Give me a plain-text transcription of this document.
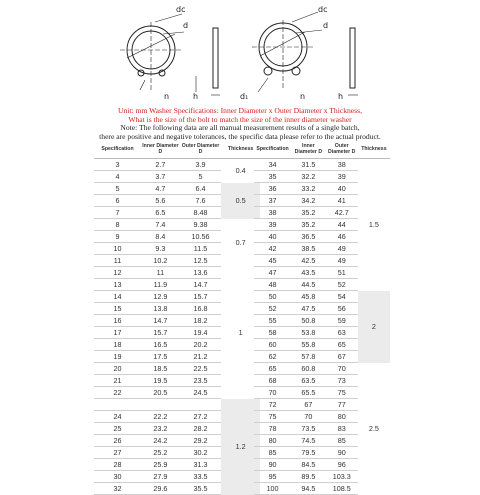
dc
d
n	h
dc
d
d₁	n	h
Unit: mm Washer Specifications: Inner Diameter x Outer Diameter x Thickness,
What is the size of the bolt to match the size of the inner diameter washer
Note: The following data are all manual measurement results of a single batch,
there are positive and negative tolerances, the specific data please refer to the actual product.
Specification	Inner Diameter D	Outer Diameter D	Thickness
3	2.7	3.9	0.4
4	3.7	5	
5	4.7	6.4	0.5
6	5.6	7.6	
7	6.5	8.48	
8	7.4	9.38	0.7
9	8.4	10.56	
10	9.3	11.5	
11	10.2	12.5	
12	11	13.6	1
13	11.9	14.7	
14	12.9	15.7	
15	13.8	16.8	
16	14.7	18.2	
17	15.7	19.4	
18	16.5	20.2	
19	17.5	21.2	
20	18.5	22.5	
21	19.5	23.5	
22	20.5	24.5	
			1.2
24	22.2	27.2	
25	23.2	28.2	
26	24.2	29.2	
27	25.2	30.2	
28	25.9	31.3	
30	27.9	33.5	
32	29.6	35.5	
Specification	Inner Diameter D	Outer Diameter D	Thickness
34	31.5	38	1.5
35	32.2	39	
36	33.2	40	
37	34.2	41	
38	35.2	42.7	
39	35.2	44	
40	36.5	46	
42	38.5	49	
45	42.5	49	
47	43.5	51	
48	44.5	52	
50	45.8	54	2
52	47.5	56	
55	50.8	59	
58	53.8	63	
60	55.8	65	
62	57.8	67	
65	60.8	70	2.5
68	63.5	73	
70	65.5	75	
72	67	77	
75	70	80	
78	73.5	83	
80	74.5	85	
85	79.5	90	
90	84.5	96	
95	89.5	103.3	
100	94.5	108.5	
